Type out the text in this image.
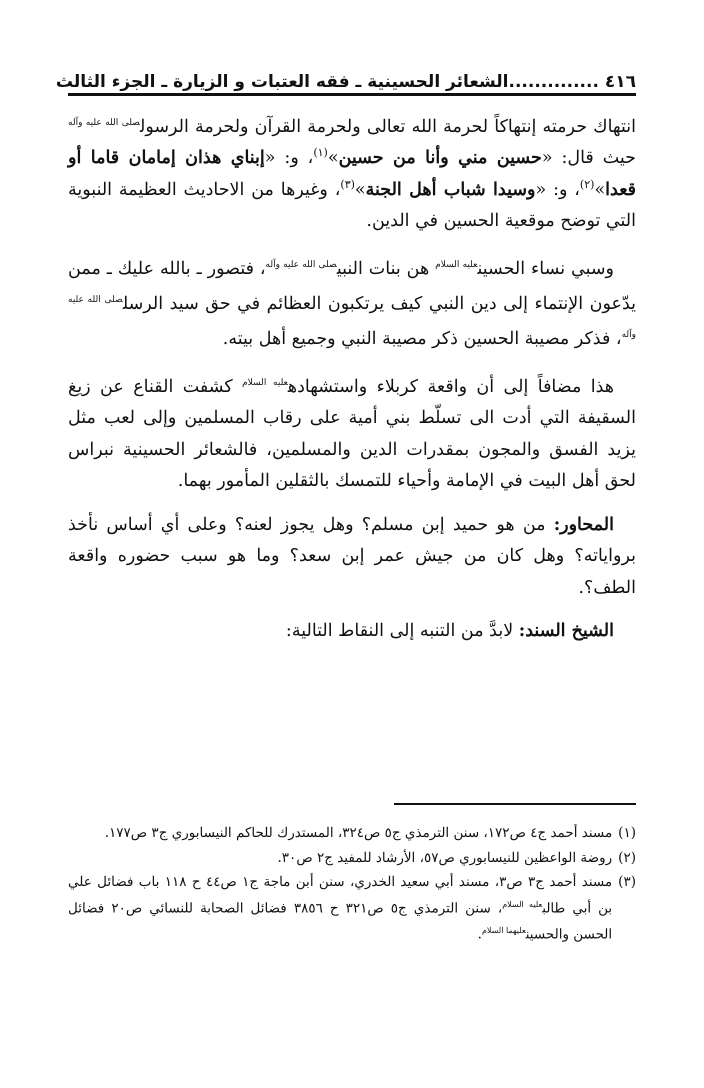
٤١٦ ..............الشعائر الحسينية ـ فقه العتبات و الزيارة ـ الجزء الثالث

انتهاك حرمته إنتهاكاً لحرمة الله تعالى ولحرمة القرآن ولحرمة الرسول$^{صلى الله عليه وآله}$ حيث قال: «حسين مني وأنا من حسين»$^{(١)}$، و: «إبناي هذان إمامان قاما أو قعدا»$^{(٢)}$، و: «وسيدا شباب أهل الجنة»$^{(٣)}$، وغيرها من الاحاديث العظيمة النبوية التي توضح موقعية الحسين في الدين.

وسبي نساء الحسين$^{عليه السلام}$ هن بنات النبي$^{صلى الله عليه وآله}$، فتصور ـ بالله عليك ـ ممن يدّعون الإنتماء إلى دين النبي كيف يرتكبون العظائم في حق سيد الرسل$^{صلى الله عليه وآله}$، فذكر مصيبة الحسين ذكر مصيبة النبي وجميع أهل بيته.

هذا مضافاً إلى أن واقعة كربلاء واستشهاده$^{عليه السلام}$ كشفت القناع عن زيغ السقيفة التي أدت الى تسلّط بني أمية على رقاب المسلمين وإلى لعب مثل يزيد الفسق والمجون بمقدرات الدين والمسلمين، فالشعائر الحسينية نبراس لحق أهل البيت في الإمامة وأحياء للتمسك بالثقلين المأمور بهما.

المحاور: من هو حميد إبن مسلم؟ وهل يجوز لعنه؟ وعلى أي أساس نأخذ برواياته؟ وهل كان من جيش عمر إبن سعد؟ وما هو سبب حضوره واقعة الطف؟.

الشيخ السند: لابدَّ من التنبه إلى النقاط التالية:

(١)
مسند أحمد ج٤ ص١٧٢، سنن الترمذي ج٥ ص٣٢٤، المستدرك للحاكم النيسابوري ج٣ ص١٧٧.
(٢)
روضة الواعظين للنيسابوري ص٥٧، الأرشاد للمفيد ج٢ ص٣٠.
(٣)
مسند أحمد ج٣ ص٣، مسند أبي سعيد الخدري، سنن أبن ماجة ج١ ص٤٤ ح ١١٨ باب فضائل علي بن أبي طالب$^{عليه السلام}$، سنن الترمذي ج٥ ص٣٢١ ح ٣٨٥٦ فضائل الصحابة للنسائي ص٢٠ فضائل الحسن والحسين$^{عليهما السلام}$.
